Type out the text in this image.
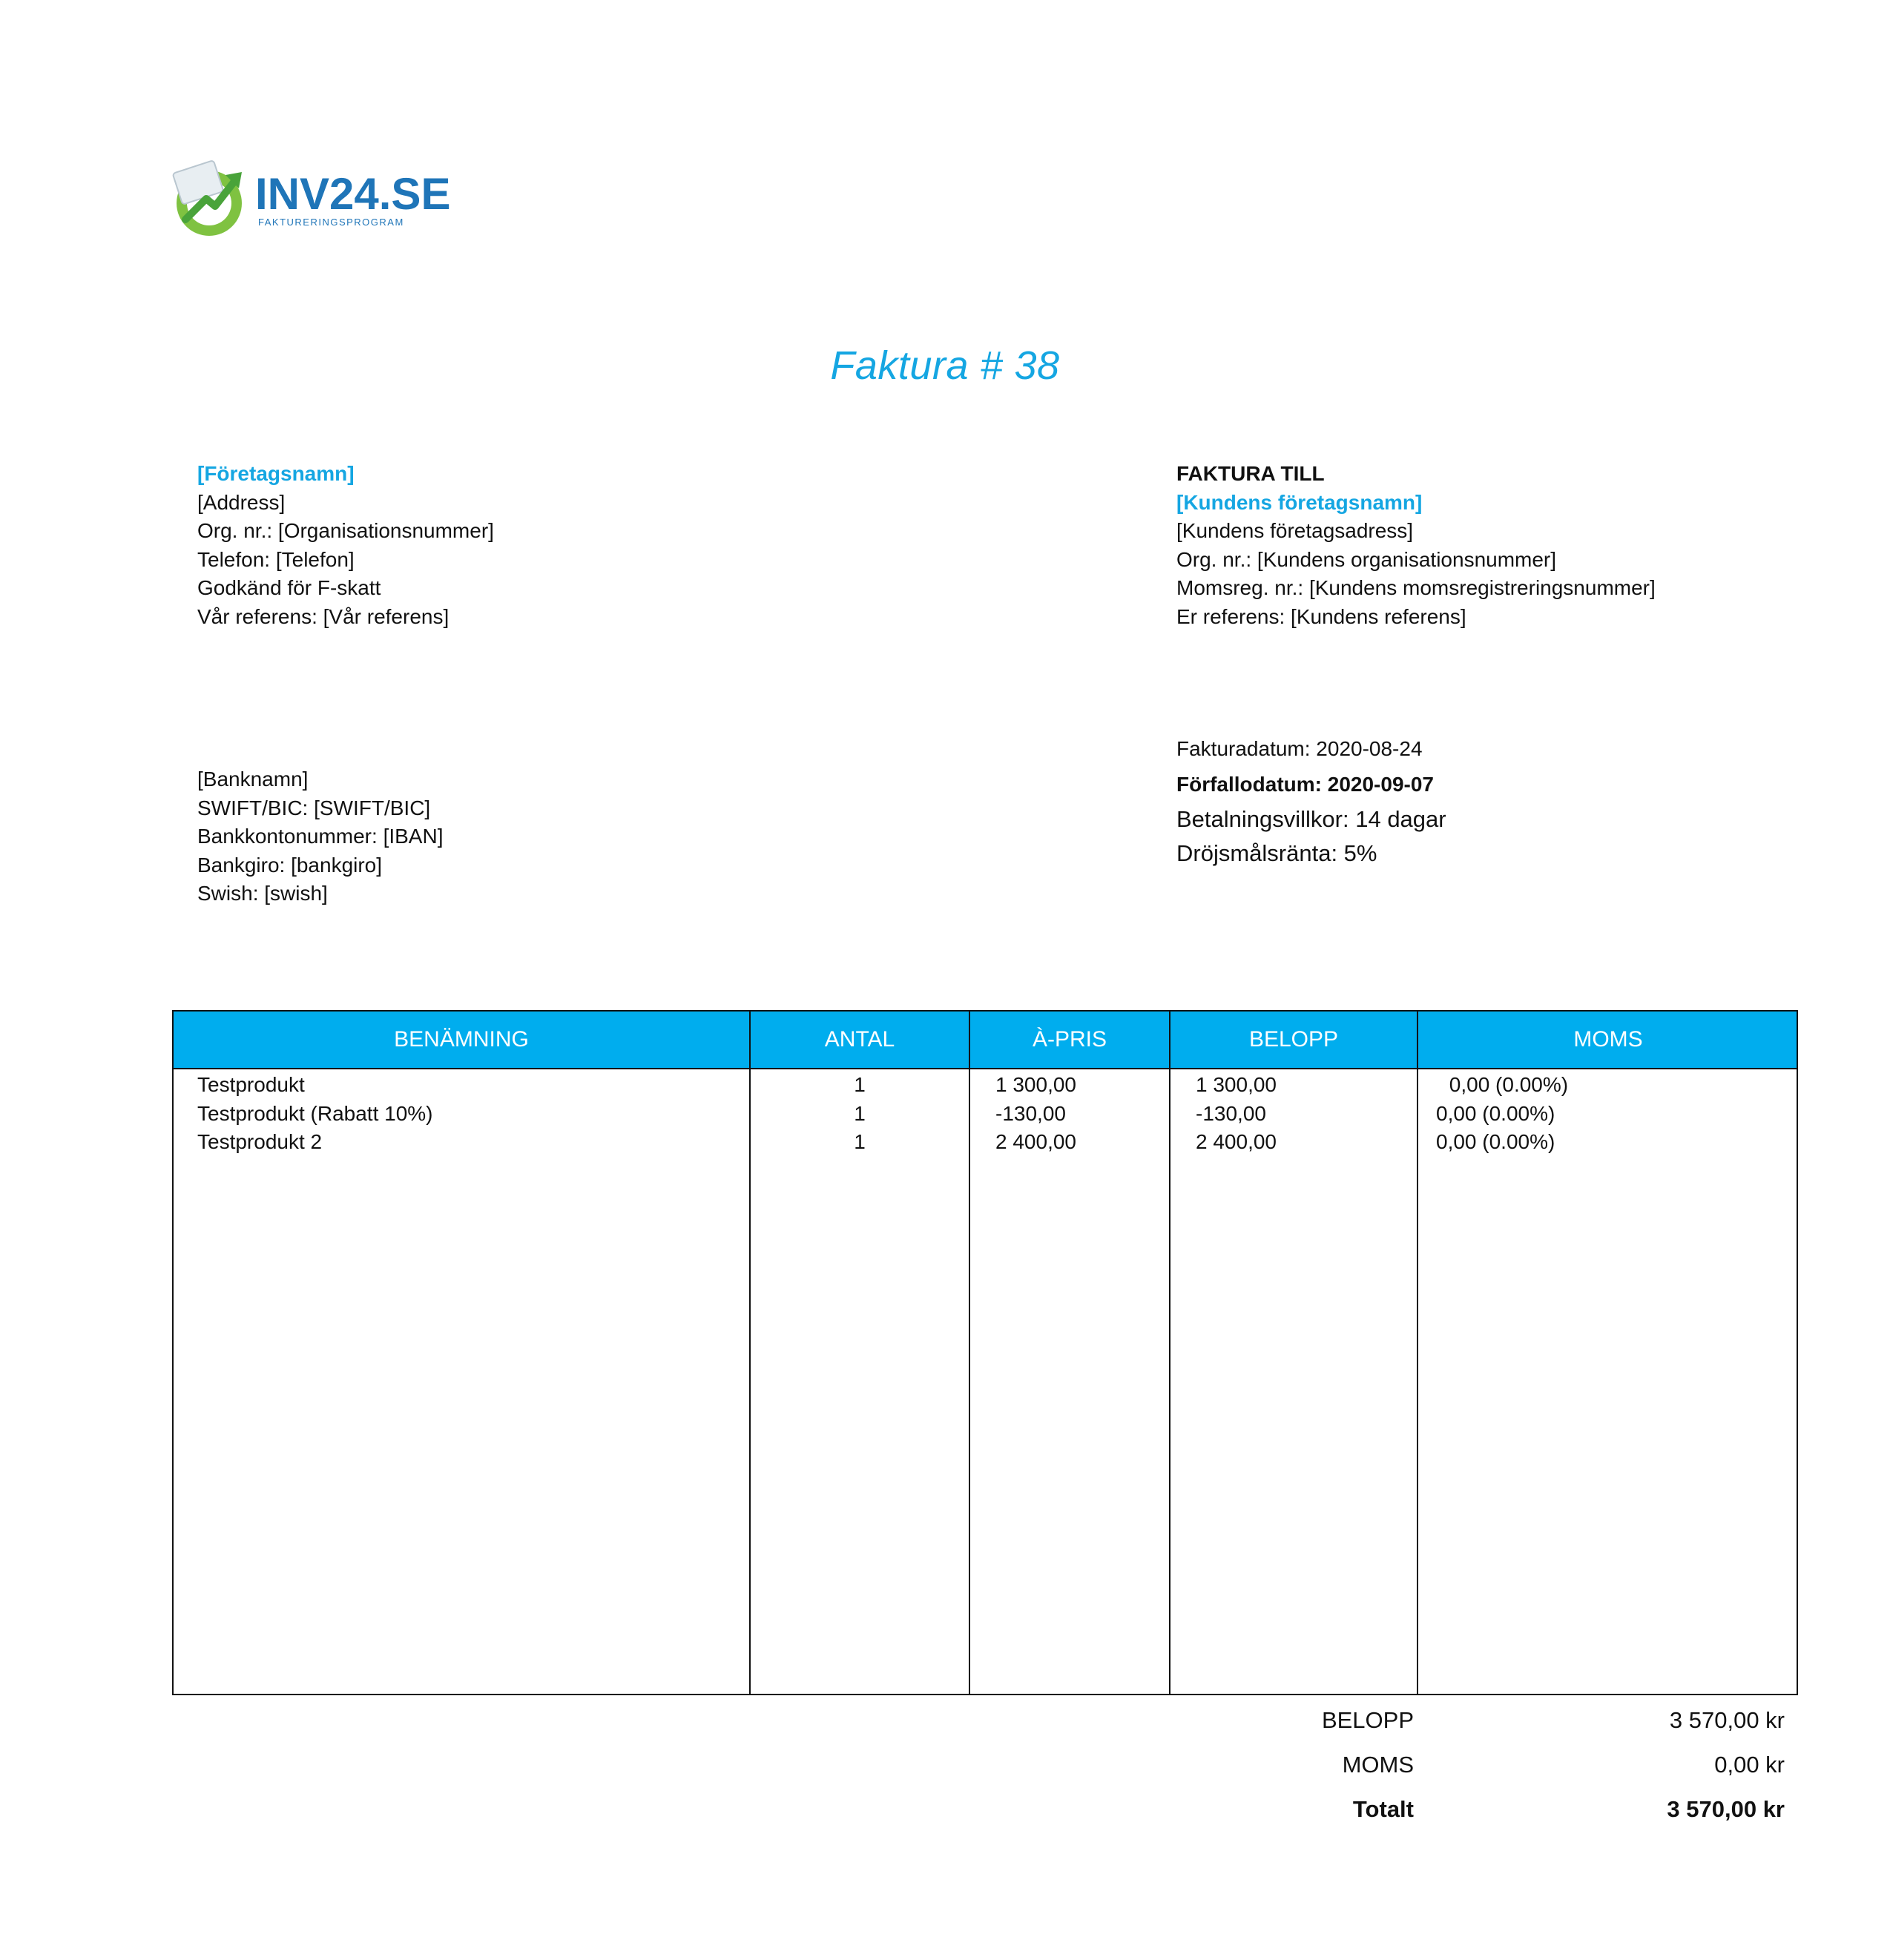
INV24.SE
FAKTURERINGSPROGRAM
Faktura # 38
[Företagsnamn]
[Address]
Org. nr.: [Organisationsnummer]
Telefon: [Telefon]
Godkänd för F-skatt
Vår referens: [Vår referens]
FAKTURA TILL
[Kundens företagsnamn]
[Kundens företagsadress]
Org. nr.: [Kundens organisationsnummer]
Momsreg. nr.: [Kundens momsregistreringsnummer]
Er referens: [Kundens referens]
[Banknamn]
SWIFT/BIC: [SWIFT/BIC]
Bankkontonummer: [IBAN]
Bankgiro: [bankgiro]
Swish: [swish]
Fakturadatum: 2020-08-24
Förfallodatum: 2020-09-07
Betalningsvillkor: 14 dagar
Dröjsmålsränta: 5%
BENÄMNING	ANTAL	À-PRIS	BELOPP	MOMS
Testprodukt	1	1 300,00	1 300,00	0,00 (0.00%)
Testprodukt (Rabatt 10%)	1	-130,00	-130,00	0,00 (0.00%)
Testprodukt 2	1	2 400,00	2 400,00	0,00 (0.00%)
BELOPP	3 570,00 kr
MOMS	0,00 kr
Totalt	3 570,00 kr
